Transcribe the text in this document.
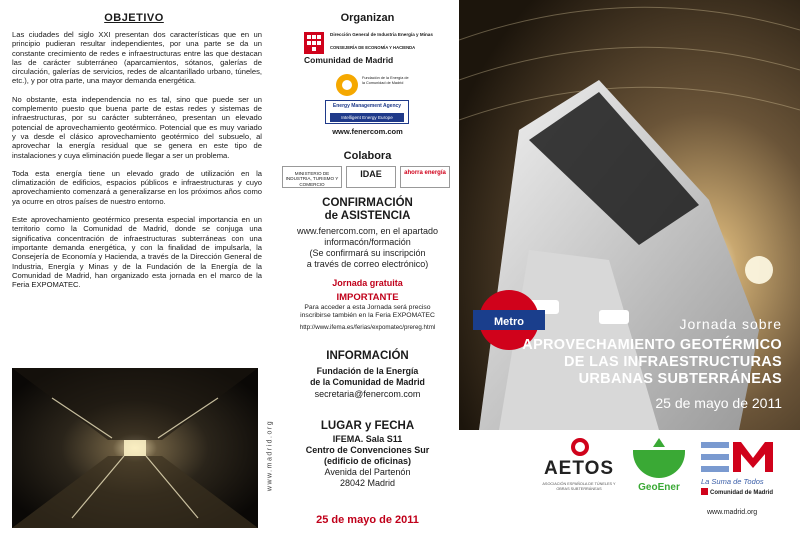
OBJETIVO

Las ciudades del siglo XXI presentan dos características que en un principio pudieran resultar independientes, por una parte se da un constante crecimiento de redes e infraestructuras entre las que destacan las de carácter subterráneo (aparcamientos, sótanos, galerías de circulación, galerías de servicios, redes de alcantarillado urbano, túneles, etc.), y por otra parte, una mayor demanda energética.

No obstante, esta independencia no es tal, sino que puede ser un complemento puesto que buena parte de estas redes y sistemas de infraestructuras, por su carácter subterráneo, presentan un elevado potencial de aprovechamiento geotérmico. Potencial que es muy variado y va desde el clásico aprovechamiento geotérmico del subsuelo, al aprovechar la energía residual que se genera en este tipo de instalaciones y cuya eliminación puede llegar a ser un problema.

Toda esta energía tiene un elevado grado de utilización en la climatización de edificios, espacios públicos e infraestructuras y cuyo aprovechamiento comenzará a generalizarse en los próximos años como ya ocurre en otros países de nuestro entorno.

Este aprovechamiento geotérmico presenta especial importancia en un territorio como la Comunidad de Madrid, donde se conjuga una significativa concentración de infraestructuras subterráneas con una importante demanda energética, y con la finalidad de impulsarla, la Consejería de Economía y Hacienda, a través de la Dirección General de Industria, Energía y Minas y de la Fundación de la Energía de la Comunidad de Madrid, han organizado esta jornada en el marco de la Feria EXPOMATEC.

www.madrid.org
Organizan
Dirección General de Industria Energía y Minas
CONSEJERÍA DE ECONOMÍA Y HACIENDA
Comunidad de Madrid
Fundación de la Energía de la Comunidad de Madrid
Energy Management Agency
Intelligent Energy Europe
www.fenercom.com
Colabora
MINISTERIO DE INDUSTRIA, TURISMO Y COMERCIO
IDAE	ahorra energía
CONFIRMACIÓN
de ASISTENCIA
www.fenercom.com, en el apartado
informacón/formación
(Se confirmará su inscripción
a través de correo electrónico)
Jornada gratuita
IMPORTANTE
Para acceder a esta Jornada será preciso
inscribirse también en la Feria EXPOMATEC
http://www.ifema.es/ferias/expomatec/prereg.html
INFORMACIÓN
Fundación de la Energía
de la Comunidad de Madrid
secretaria@fenercom.com
LUGAR y FECHA
IFEMA. Sala S11
Centro de Convenciones Sur
(edificio de oficinas)
Avenida del Partenón
28042 Madrid
25 de mayo de 2011
Metro	Jornada sobre
APROVECHAMIENTO GEOTÉRMICO
DE LAS INFRAESTRUCTURAS
URBANAS SUBTERRÁNEAS
25 de mayo de 2011
AETOS
ASOCIACIÓN ESPAÑOLA DE TÚNELES Y OBRAS SUBTERRÁNEAS	GeoEner
La Suma de Todos
Comunidad de Madrid
www.madrid.org
